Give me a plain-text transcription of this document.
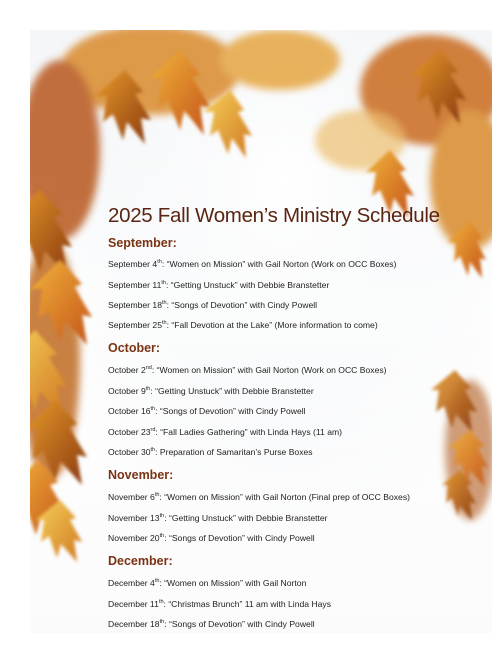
2025 Fall Women’s Ministry Schedule
September:
September 4th: “Women on Mission” with Gail Norton (Work on OCC Boxes)
September 11th: “Getting Unstuck” with Debbie Branstetter
September 18th: “Songs of Devotion” with Cindy Powell
September 25th: “Fall Devotion at the Lake” (More information to come)
October:
October 2nd: “Women on Mission” with Gail Norton (Work on OCC Boxes)
October 9th: “Getting Unstuck” with Debbie Branstetter
October 16th: “Songs of Devotion” with Cindy Powell
October 23rd: “Fall Ladies Gathering” with Linda Hays (11 am)
October 30th: Preparation of Samaritan’s Purse Boxes
November:
November 6th: “Women on Mission” with Gail Norton (Final prep of OCC Boxes)
November 13th: “Getting Unstuck” with Debbie Branstetter
November 20th: “Songs of Devotion” with Cindy Powell
December:
December 4th: “Women on Mission” with Gail Norton
December 11th: “Christmas Brunch” 11 am with Linda Hays
December 18th: “Songs of Devotion” with Cindy Powell
